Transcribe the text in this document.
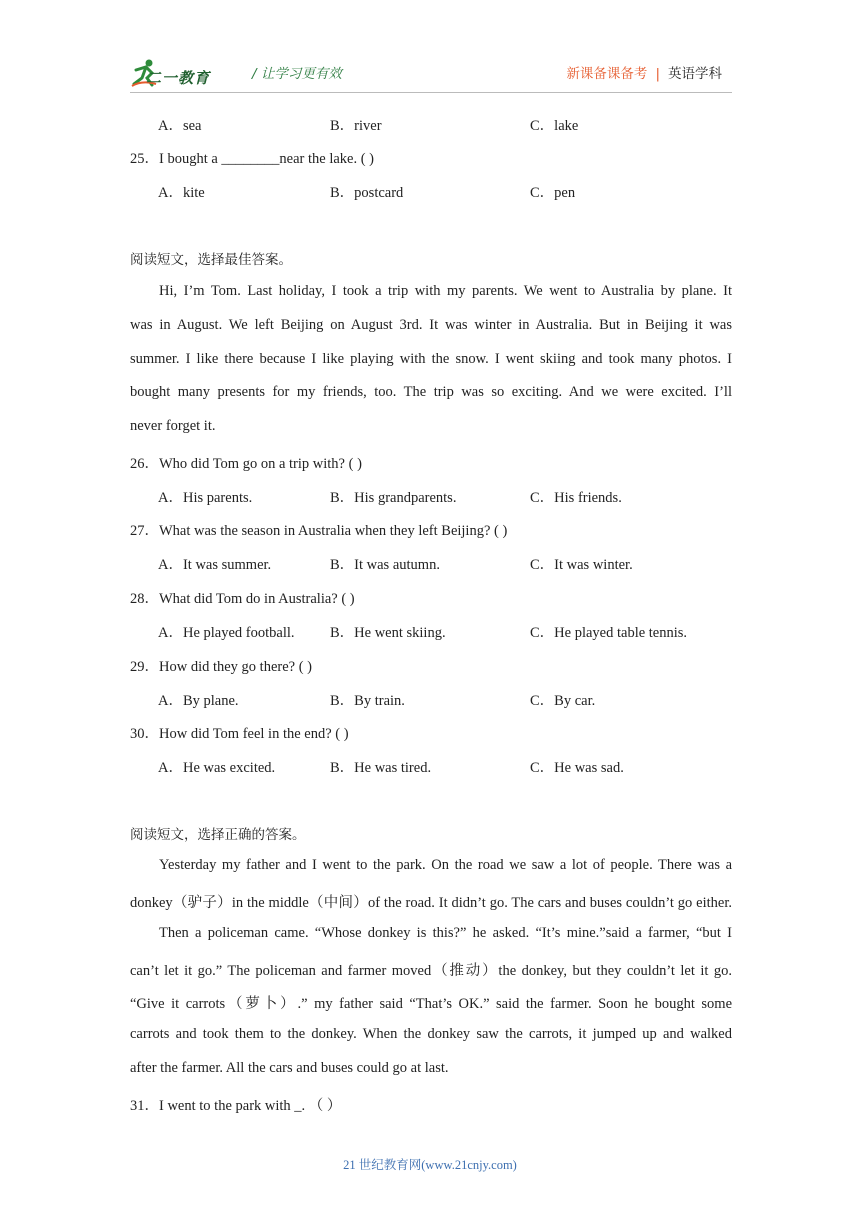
二一教育	/ 让学习更有效	新课备课备考 | 英语学科
A．sea	B．river	C．lake
25．I bought a ________near the lake. ( )
A．kite	B．postcard	C．pen
阅读短文，选择最佳答案。
Hi, I’m Tom. Last holiday, I took a trip with my parents. We went to Australia by plane. It
was in August. We left Beijing on August 3rd. It was winter in Australia. But in Beijing it was
summer. I like there because I like playing with the snow. I went skiing and took many photos. I
bought many presents for my friends, too. The trip was so exciting. And we were excited. I’ll
never forget it.
26．Who did Tom go on a trip with? ( )
A．His parents.	B．His grandparents.	C．His friends.
27．What was the season in Australia when they left Beijing? ( )
A．It was summer.	B．It was autumn.	C．It was winter.
28．What did Tom do in Australia? ( )
A．He played football. B．He went skiing.	C．He played table tennis.
29．How did they go there? ( )
A．By plane.	B．By train.	C．By car.
30．How did Tom feel in the end? ( )
A．He was excited.	B．He was tired.	C．He was sad.
阅读短文，选择正确的答案。
Yesterday my father and I went to the park. On the road we saw a lot of people. There was a
donkey（驴子）in the middle（中间）of the road. It didn’t go. The cars and buses couldn’t go either.
Then a policeman came. “Whose donkey is this?” he asked. “It’s mine.”said a farmer, “but I
can’t let it go.” The policeman and farmer moved（推动）the donkey, but they couldn’t let it go.
“Give it carrots（萝卜）.” my father said “That’s OK.” said the farmer. Soon he bought some
carrots and took them to the donkey. When the donkey saw the carrots, it jumped up and walked
after the farmer. All the cars and buses could go at last.
31．I went to the park with _. （ ）
21 世纪教育网(www.21cnjy.com)
